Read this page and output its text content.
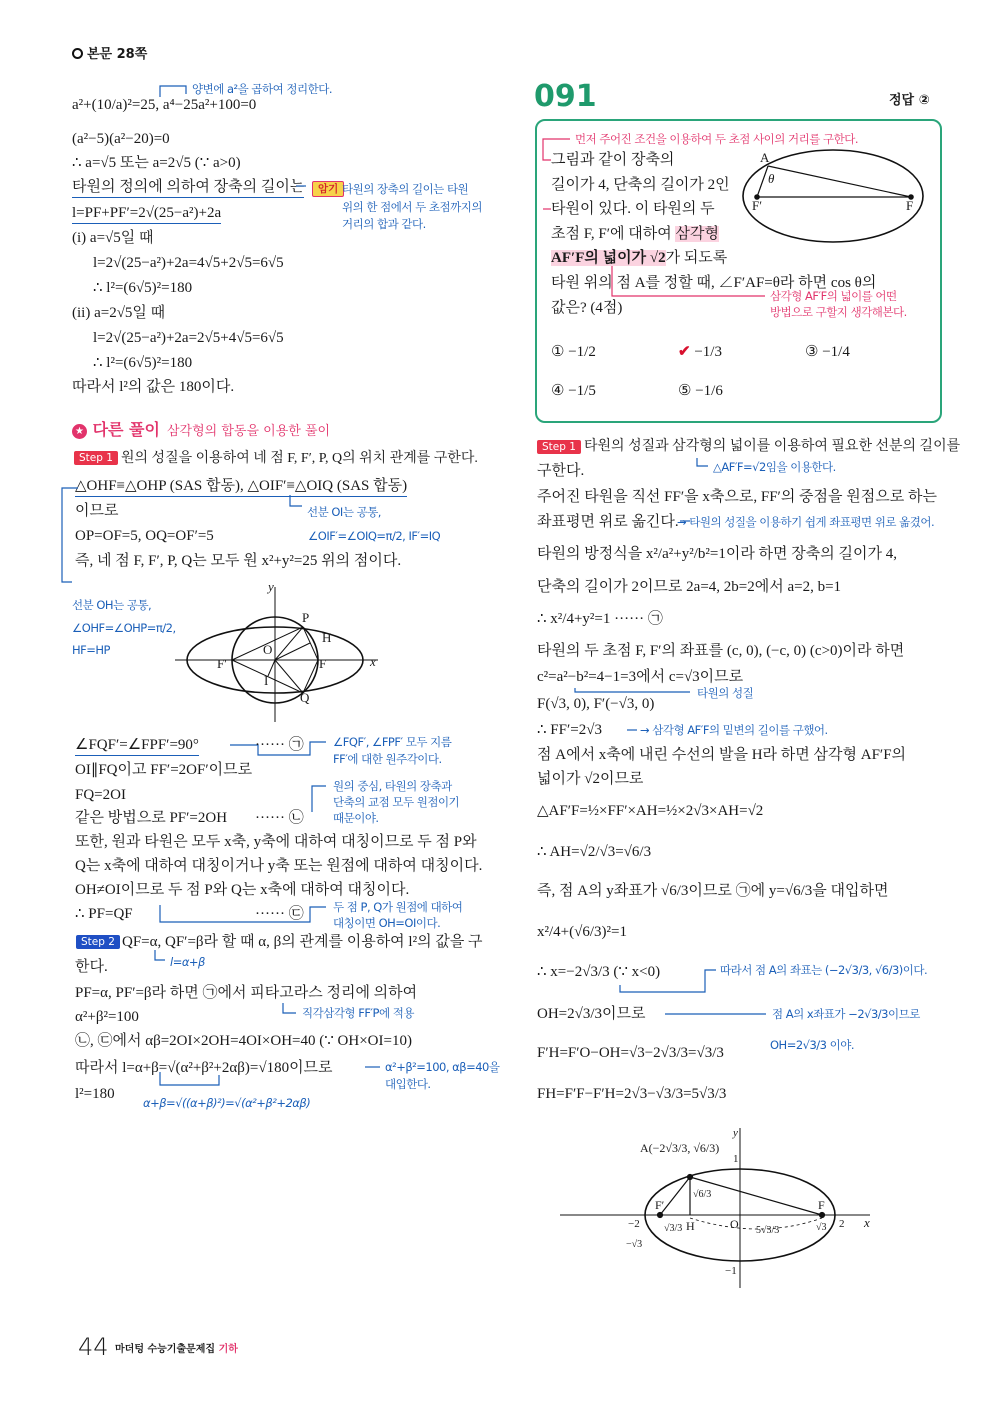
본문 28쪽
양변에 a²을 곱하여 정리한다.
a²+(10/a)²=25, a⁴−25a²+100=0
(a²−5)(a²−20)=0
∴ a=√5 또는 a=2√5 (∵ a>0)
타원의 정의에 의하여 장축의 길이는	암기 타원의 장축의 길이는 타원
위의 한 점에서 두 초점까지의
거리의 합과 같다.
l=PF+PF′=2√(25−a²)+2a
(i) a=√5일 때
l=2√(25−a²)+2a=4√5+2√5=6√5
∴ l²=(6√5)²=180
(ii) a=2√5일 때
l=2√(25−a²)+2a=2√5+4√5=6√5
∴ l²=(6√5)²=180
따라서 l²의 값은 180이다.
★ 다른 풀이 삼각형의 합동을 이용한 풀이
Step 1 원의 성질을 이용하여 네 점 F, F′, P, Q의 위치 관계를 구한다.
△OHF≡△OHP (SAS 합동), △OIF′≡△OIQ (SAS 합동)
이므로
OP=OF=5, OQ=OF′=5
즉, 네 점 F, F′, P, Q는 모두 원 x²+y²=25 위의 점이다.
선분 OI는 공통,
∠OIF′=∠OIQ=π/2, IF′=IQ
선분 OH는 공통,
∠OHF=∠OHP=π/2,
HF=HP
y
x
O
P
H
F
F′
I
Q
∠FQF′=∠FPF′=90°	······ ㉠	∠FQF′, ∠FPF′ 모두 지름
FF′에 대한 원주각이다.
OI∥FQ이고 FF′=2OF′이므로
FQ=2OI
원의 중심, 타원의 장축과
단축의 교점 모두 원점이기
때문이야.
같은 방법으로 PF′=2OH ······ ㉡
또한, 원과 타원은 모두 x축, y축에 대하여 대칭이므로 두 점 P와
Q는 x축에 대하여 대칭이거나 y축 또는 원점에 대하여 대칭이다.
OH≠OI이므로 두 점 P와 Q는 x축에 대하여 대칭이다.
∴ PF=QF	······ ㉢	두 점 P, Q가 원점에 대하여
대칭이면 OH=OI이다.
Step 2 QF=α, QF′=β라 할 때 α, β의 관계를 이용하여 l²의 값을 구
한다.	l=α+β
PF=α, PF′=β라 하면 ㉠에서 피타고라스 정리에 의하여
α²+β²=100	직각삼각형 FF′P에 적용
㉡, ㉢에서 αβ=2OI×2OH=4OI×OH=40 (∵ OH×OI=10)
따라서 l=α+β=√(α²+β²+2αβ)=√180이므로	α²+β²=100, αβ=40을
대입한다.
l²=180
α+β=√((α+β)²)=√(α²+β²+2αβ)
091	정답 ②
먼저 주어진 조건을 이용하여 두 초점 사이의 거리를 구한다.
그림과 같이 장축의
길이가 4, 단축의 길이가 2인
타원이 있다. 이 타원의 두
초점 F, F′에 대하여 삼각형
AF′F의 넓이가 √2가 되도록
타원 위의 점 A를 정할 때, ∠F′AF=θ라 하면 cos θ의
값은? (4점)
삼각형 AF′F의 넓이를 어떤
방법으로 구할지 생각해본다.
A
θ
F′	F
① −1/2	✔ −1/3	③ −1/4
④ −1/5	⑤ −1/6
Step 1 타원의 성질과 삼각형의 넓이를 이용하여 필요한 선분의 길이를
구한다.	△AF′F=√2임을 이용한다.
주어진 타원을 직선 FF′을 x축으로, FF′의 중점을 원점으로 하는
좌표평면 위로 옮긴다.
→ 타원의 성질을 이용하기 쉽게 좌표평면 위로 옮겼어.
타원의 방정식을 x²/a²+y²/b²=1이라 하면 장축의 길이가 4,
단축의 길이가 2이므로 2a=4, 2b=2에서 a=2, b=1
∴ x²/4+y²=1 ······ ㉠
타원의 두 초점 F, F′의 좌표를 (c, 0), (−c, 0) (c>0)이라 하면
c²=a²−b²=4−1=3에서 c=√3이므로
타원의 성질
F(√3, 0), F′(−√3, 0)
∴ FF′=2√3	→ 삼각형 AF′F의 밑변의 길이를 구했어.
점 A에서 x축에 내린 수선의 발을 H라 하면 삼각형 AF′F의
넓이가 √2이므로
△AF′F=½×FF′×AH=½×2√3×AH=√2
∴ AH=√2/√3=√6/3
즉, 점 A의 y좌표가 √6/3이므로 ㉠에 y=√6/3을 대입하면
x²/4+(√6/3)²=1
∴ x=−2√3/3 (∵ x<0)	따라서 점 A의 좌표는 (−2√3/3, √6/3)이다.
OH=2√3/3이므로	점 A의 x좌표가 −2√3/3이므로
OH=2√3/3 이야.
F′H=F′O−OH=√3−2√3/3=√3/3
FH=F′F−F′H=2√3−√3/3=5√3/3
A(−2√3/3, √6/3)
1
−1
−2	2
O	x
y
F′	F
H
√6/3
√3/3
−√3
√3
5√3/3
44 마더텅 수능기출문제집 기하
